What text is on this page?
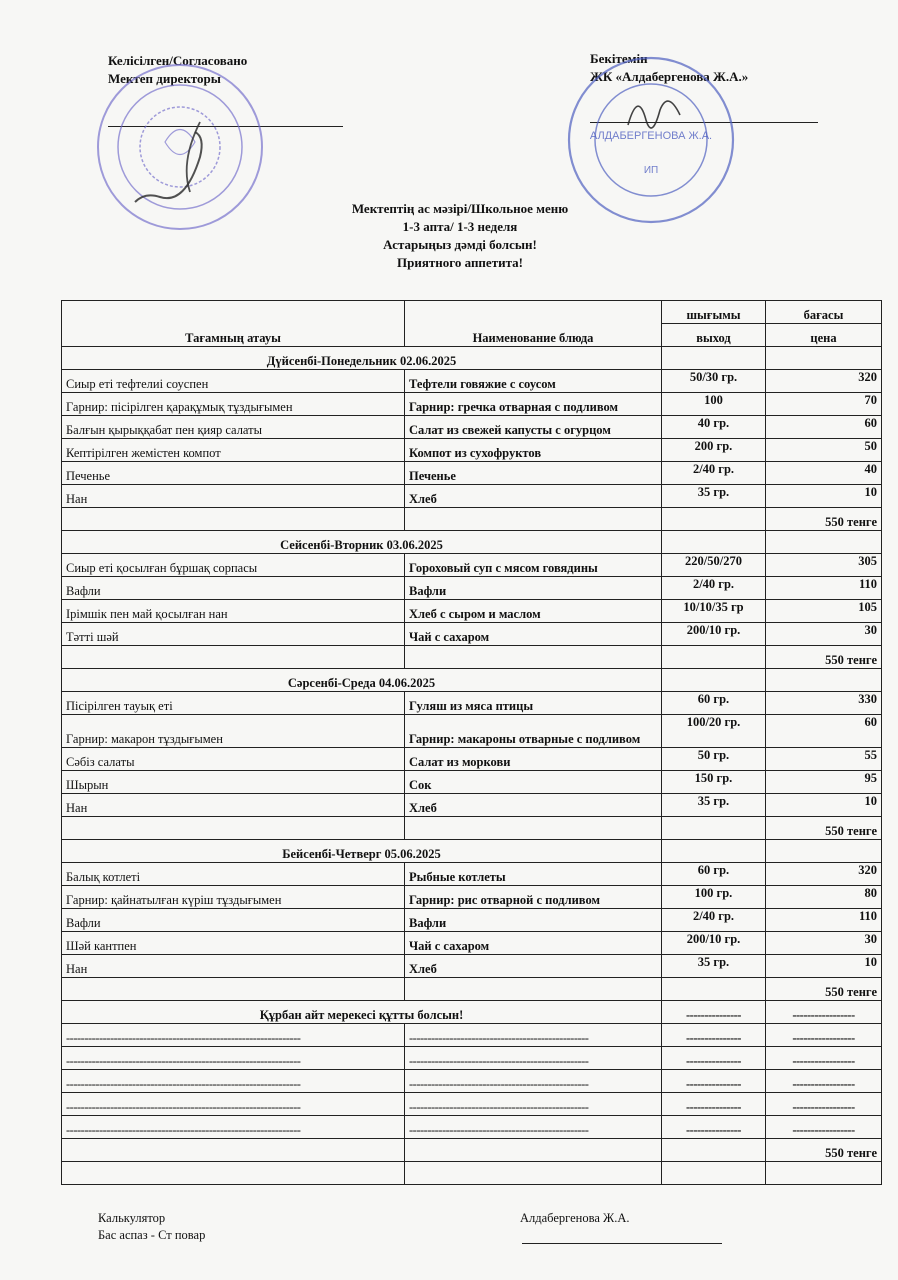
Келісілген/Согласовано
Мектеп директоры
Бекітемін
ЖК «Алдабергенова Ж.А.»
АЛДАБЕРГЕНОВА Ж.А.
ИП
Мектептің ас мәзірі/Школьное меню
1-3 апта/ 1-3 неделя
Астарыңыз дәмді болсын!
Приятного аппетита!
Тағамның атауы	Наименование блюда	шығымы	бағасы
		выход	цена
Дүйсенбі-Понедельник 02.06.2025			
Сиыр еті тефтелиі соуспен	Тефтели говяжие с соусом	50/30 гр.	320
Гарнир: пісірілген қарақұмық тұздығымен	Гарнир: гречка отварная с подливом	100	70
Балғын қырыққабат пен қияр салаты	Салат из свежей капусты с огурцом	40 гр.	60
Кептірілген жемістен компот	Компот из сухофруктов	200 гр.	50
Печенье	Печенье	2/40 гр.	40
Нан	Хлеб	35 гр.	10
			550 тенге
Сейсенбі-Вторник 03.06.2025			
Сиыр еті қосылған бұршақ сорпасы	Гороховый суп с мясом говядины	220/50/270	305
Вафли	Вафли	2/40 гр.	110
Ірімшік пен май қосылған нан	Хлеб с сыром и маслом	10/10/35 гр	105
Тәтті шәй	Чай с сахаром	200/10 гр.	30
			550 тенге
Сәрсенбі-Среда 04.06.2025			
Пісірілген тауық еті	Гуляш из мяса птицы	60 гр.	330
Гарнир: макарон тұздығымен	Гарнир: макароны отварные с подливом	100/20 гр.	60
Сәбіз салаты	Салат из моркови	50 гр.	55
Шырын	Сок	150 гр.	95
Нан	Хлеб	35 гр.	10
			550 тенге
Бейсенбі-Четверг 05.06.2025			
Балық котлеті	Рыбные котлеты	60 гр.	320
Гарнир: қайнатылған күріш тұздығымен	Гарнир: рис отварной с подливом	100 гр.	80
Вафли	Вафли	2/40 гр.	110
Шәй кантпен	Чай с сахаром	200/10 гр.	30
Нан	Хлеб	35 гр.	10
			550 тенге
Құрбан айт мерекесі құтты болсын!		---------------	-----------------
----------------------------------------------------------------	-------------------------------------------------	---------------	-----------------
----------------------------------------------------------------	-------------------------------------------------	---------------	-----------------
----------------------------------------------------------------	-------------------------------------------------	---------------	-----------------
----------------------------------------------------------------	-------------------------------------------------	---------------	-----------------
----------------------------------------------------------------	-------------------------------------------------	---------------	-----------------
			550 тенге

Калькулятор
Бас аспаз - Ст повар
Алдабергенова Ж.А.
